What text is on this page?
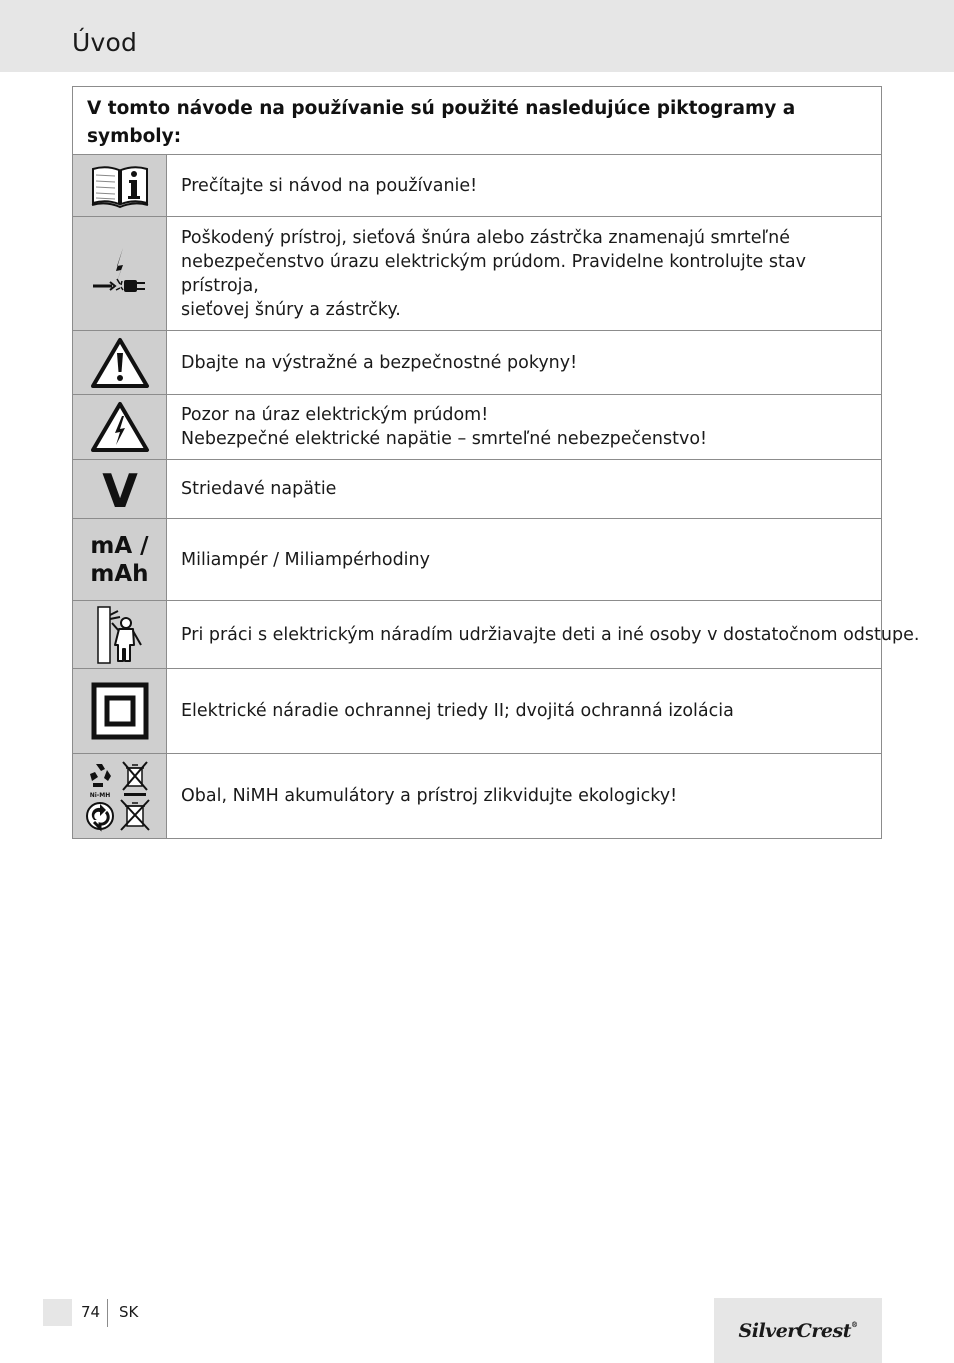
Úvod
V tomto návode na používanie sú použité nasledujúce piktogramy a symboly:
Prečítajte si návod na používanie!
Poškodený prístroj, sieťová šnúra alebo zástrčka znamenajú smrteľné
nebezpečenstvo úrazu elektrickým prúdom. Pravidelne kontrolujte stav prístroja,
sieťovej šnúry a zástrčky.
Dbajte na výstražné a bezpečnostné pokyny!
Pozor na úraz elektrickým prúdom!
Nebezpečné elektrické napätie – smrteľné nebezpečenstvo!
V	Striedavé napätie
mA /
mAh
Miliampér / Miliampérhodiny
Pri práci s elektrickým náradím udržiavajte deti a iné osoby v dostatočnom odstupe.
Elektrické náradie ochrannej triedy II; dvojitá ochranná izolácia
Ni-MH	Obal, NiMH akumulátory a prístroj zlikvidujte ekologicky!
74 SK
SilverCrest®
